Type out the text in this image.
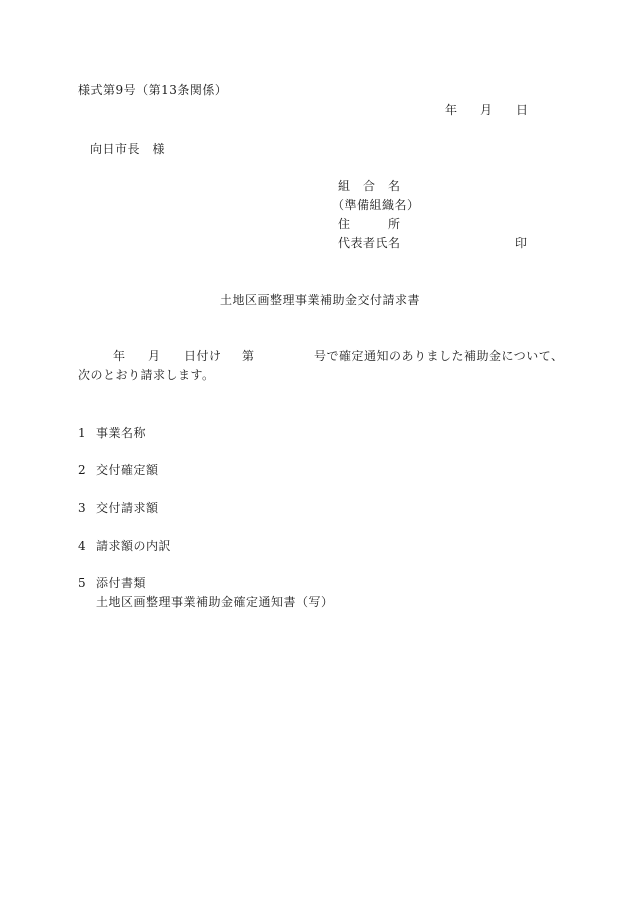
様式第9号（第13条関係）
年 月 日
向日市長　様
組　合　名
（準備組織名）
住　　　所
代表者氏名	印
土地区画整理事業補助金交付請求書
年 月 日付け 第	号で確定通知のありました補助金について、
次のとおり請求します。
1 事業名称
2 交付確定額
3 交付請求額
4 請求額の内訳
5 添付書類
土地区画整理事業補助金確定通知書（写）
